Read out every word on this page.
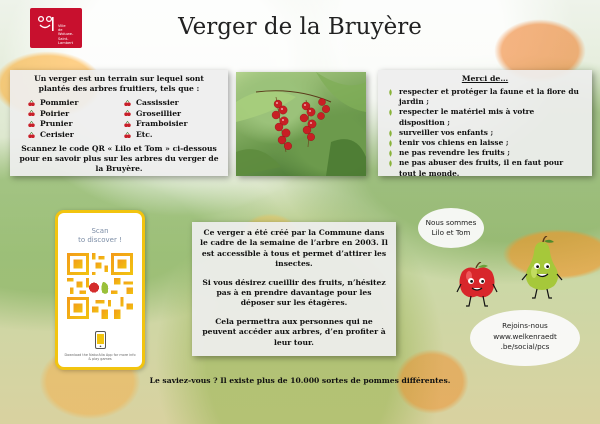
Ville
de
Woluwe-Saint-
Lambert
Verger de la Bruyère
Un verger est un terrain sur lequel sont plantés des arbres fruitiers, tels que :
Pommier	Cassissier
Poirier	Groseillier
Prunier	Framboisier
Cerisier	Etc.
Scannez le code QR « Lilo et Tom » ci-dessous pour en savoir plus sur les arbres du verger de la Bruyère.
Merci de…
respecter et protéger la faune et la flore du jardin ;
respecter le matériel mis à votre disposition ;
surveiller vos enfants ;
tenir vos chiens en laisse ;
ne pas revendre les fruits ;
ne pas abuser des fruits, il en faut pour tout le monde.
Scan
to discover !
Download the NaturAlia App for more info & play games

Ce verger a été créé par la Commune dans le cadre de la semaine de l’arbre en 2003. Il est accessible à tous et permet d’attirer les insectes.

Si vous désirez cueillir des fruits, n’hésitez pas à en prendre davantage pour les déposer sur les étagères.

Cela permettra aux personnes qui ne peuvent accéder aux arbres, d’en profiter à leur tour.

Nous sommes
Lilo et Tom
Rejoins-nous
www.welkenraedt
.be/social/pcs
Le saviez-vous ? Il existe plus de 10.000 sortes de pommes différentes.
